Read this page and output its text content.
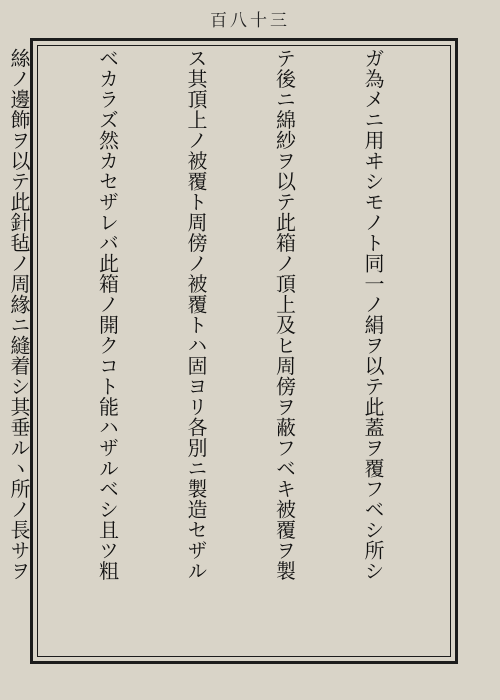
百八十三

ガ為メニ用ヰシモノト同一ノ絹ヲ以テ此蓋ヲ覆フベシ所シ

テ後ニ綿紗ヲ以テ此箱ノ頂上及ヒ周傍ヲ蔽フベキ被覆ヲ製

ス其頂上ノ被覆ト周傍ノ被覆トハ固ヨリ各別ニ製造セザル

ベカラズ然カセザレバ此箱ノ開クコト能ハザルベシ且ツ粗

絲ノ邊飾ヲ以テ此針毡ノ周緣ニ縫着シ其垂ルヽ所ノ長サヲ
